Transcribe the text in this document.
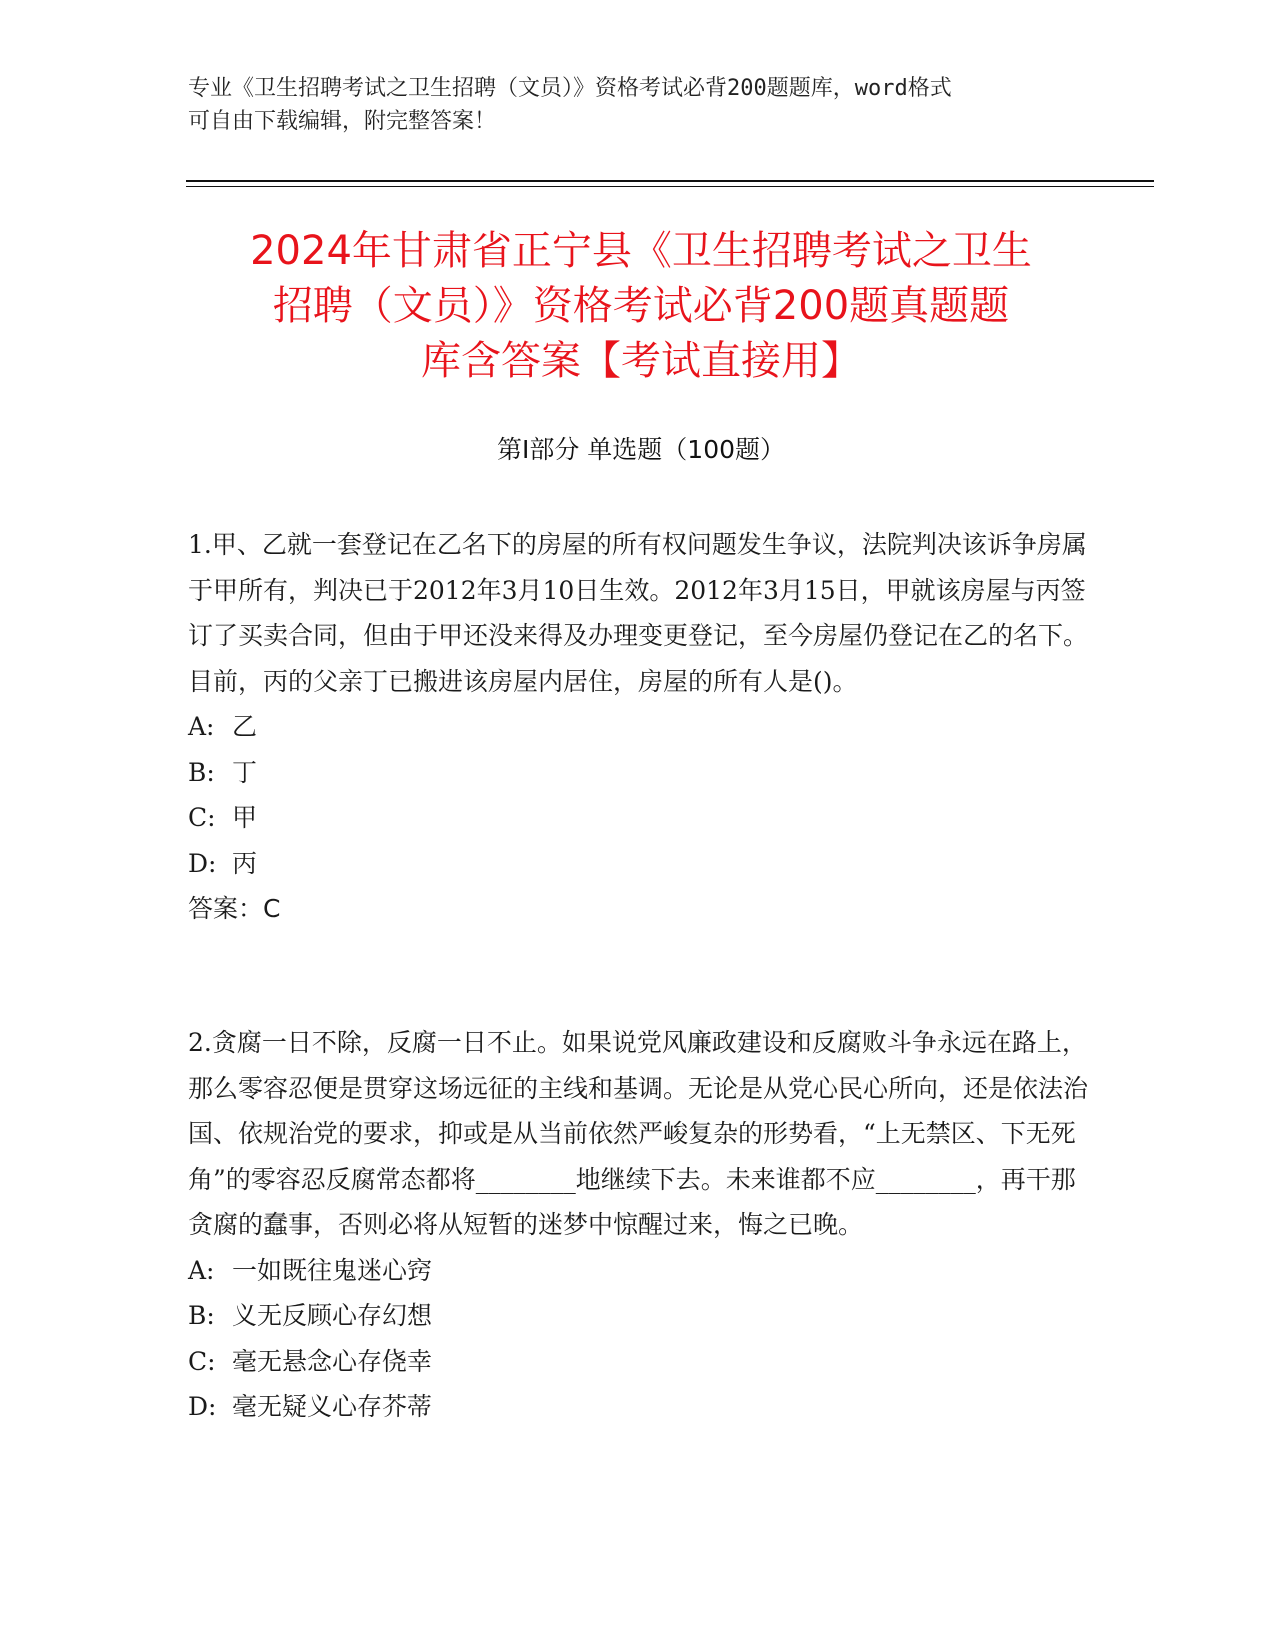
专业《卫生招聘考试之卫生招聘（文员）》资格考试必背200题题库，word格式
可自由下载编辑，附完整答案！
2024年甘肃省正宁县《卫生招聘考试之卫生
招聘（文员）》资格考试必背200题真题题
库含答案【考试直接用】
第Ⅰ部分 单选题（100题）

1.甲、乙就一套登记在乙名下的房屋的所有权问题发生争议，法院判决该诉争房属于甲所有，判决已于2012年3月10日生效。2012年3月15日，甲就该房屋与丙签订了买卖合同，但由于甲还没来得及办理变更登记，至今房屋仍登记在乙的名下。目前，丙的父亲丁已搬进该房屋内居住，房屋的所有人是()。

A: 乙

B: 丁

C: 甲

D: 丙

答案：C

2.贪腐一日不除，反腐一日不止。如果说党风廉政建设和反腐败斗争永远在路上，那么零容忍便是贯穿这场远征的主线和基调。无论是从党心民心所向，还是依法治国、依规治党的要求，抑或是从当前依然严峻复杂的形势看，“上无禁区、下无死角”的零容忍反腐常态都将________地继续下去。未来谁都不应________，再干那贪腐的蠢事，否则必将从短暂的迷梦中惊醒过来，悔之已晚。

A: 一如既往鬼迷心窍

B: 义无反顾心存幻想

C: 毫无悬念心存侥幸

D: 毫无疑义心存芥蒂
